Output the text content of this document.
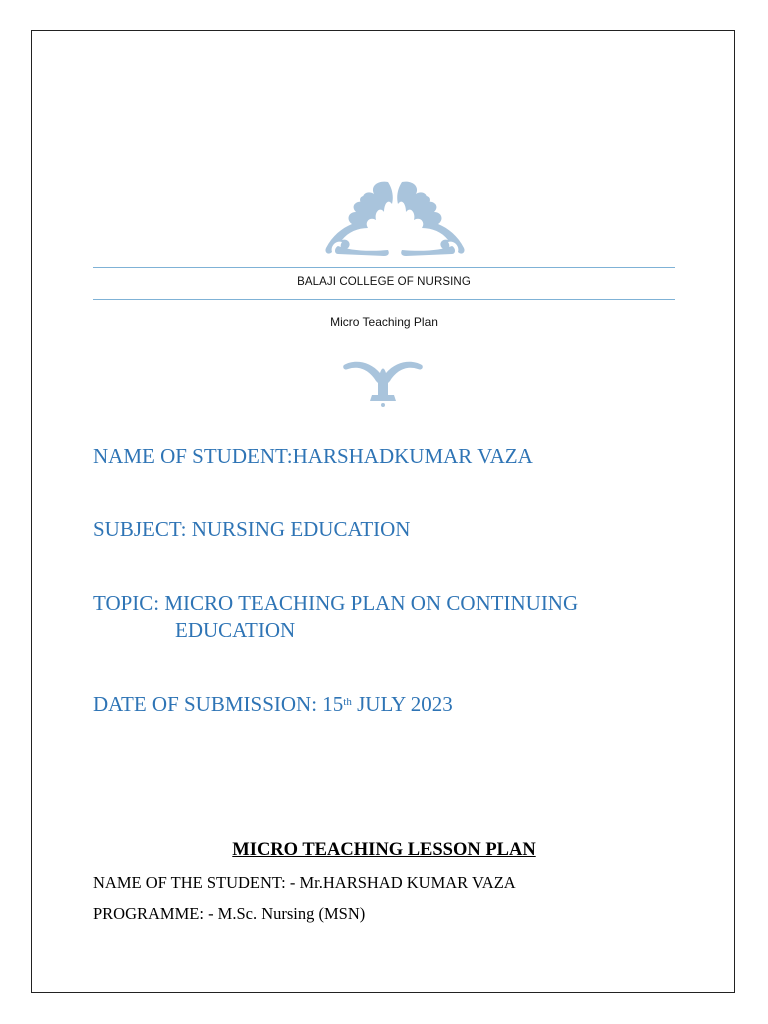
BALAJI COLLEGE OF NURSING
Micro Teaching Plan
NAME OF STUDENT:HARSHADKUMAR VAZA
SUBJECT: NURSING EDUCATION
TOPIC: MICRO TEACHING PLAN ON CONTINUING
EDUCATION
DATE OF SUBMISSION: 15th JULY 2023
MICRO TEACHING LESSON PLAN
NAME OF THE STUDENT: - Mr.HARSHAD KUMAR VAZA
PROGRAMME: - M.Sc. Nursing (MSN)
